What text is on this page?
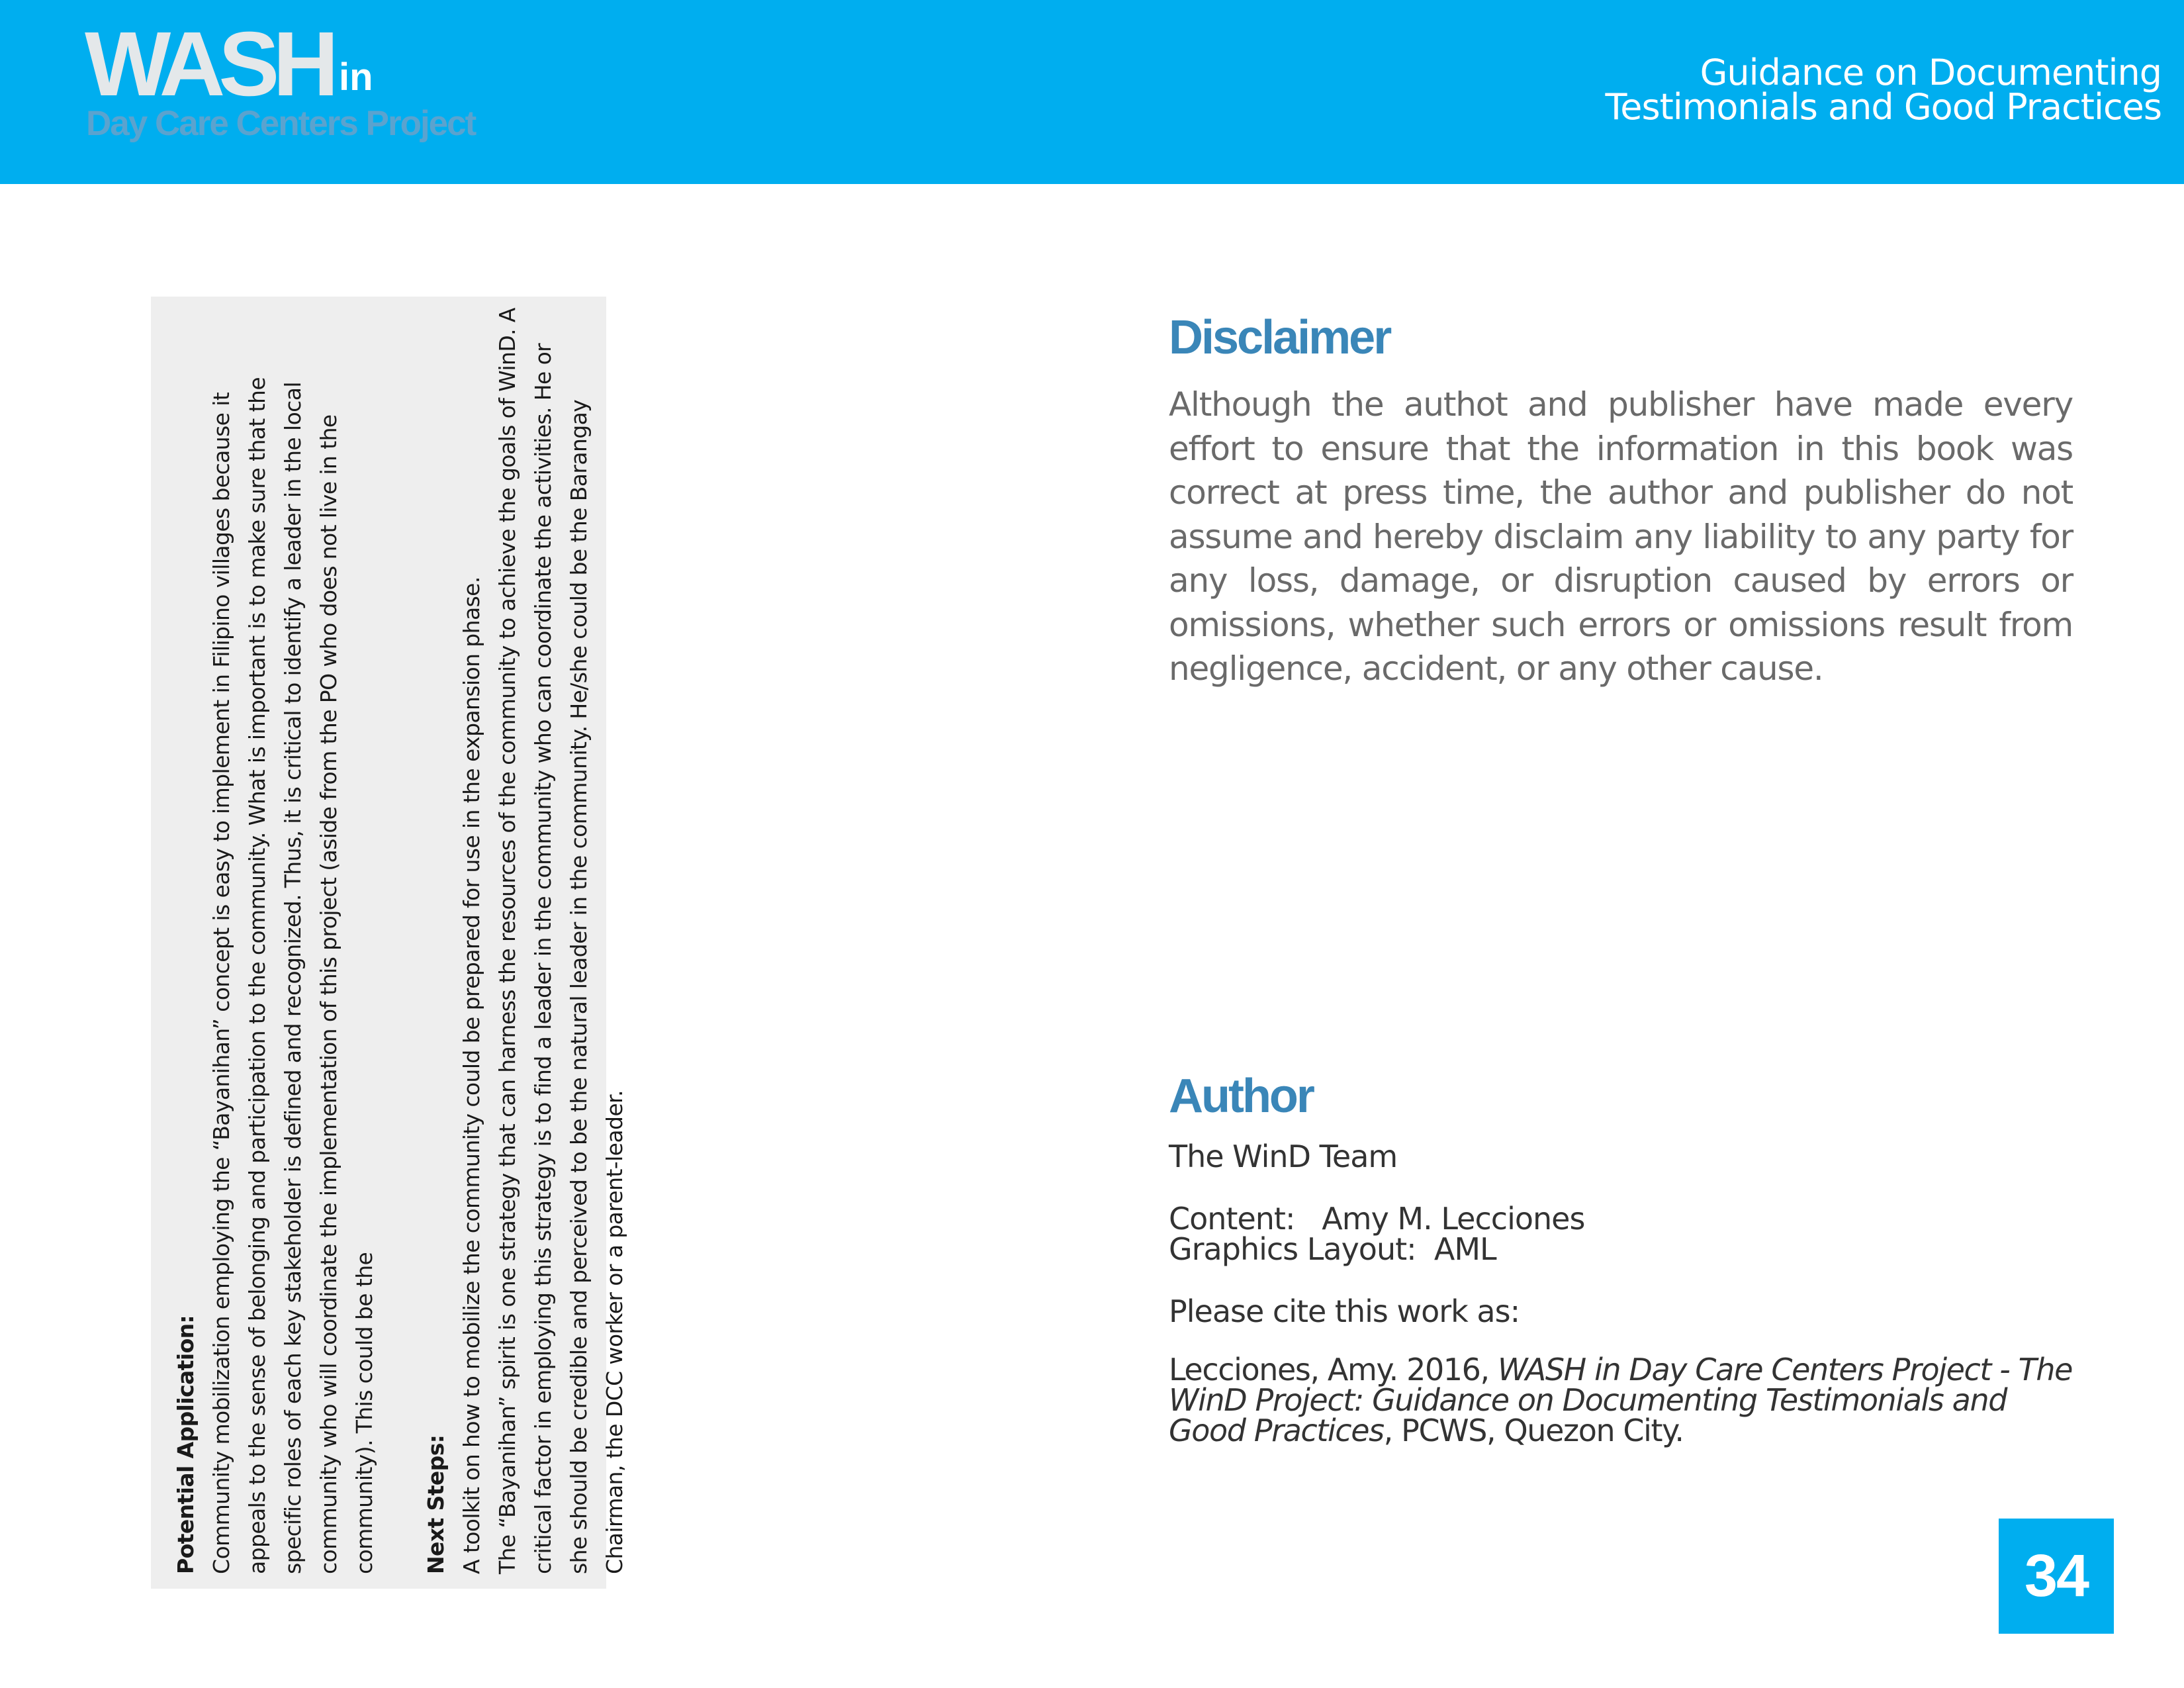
WASH in
Day Care Centers Project
Guidance on Documenting
Testimonials and Good Practices
Potential Application: Community mobilization employing the “Bayanihan” concept is easy to implement in Filipino villages because it appeals to the sense of belonging and participation to the community. What is important is to make sure that the specific roles of each key stakeholder is defined and recognized. Thus, it is critical to identify a leader in the local community who will coordinate the implementation of this project (aside from the PO who does not live in the community). This could be the Next Steps: A toolkit on how to mobilize the community could be prepared for use in the expansion phase. The “Bayanihan” spirit is one strategy that can harness the resources of the community to achieve the goals of WinD. A critical factor in employing this strategy is to find a leader in the community who can coordinate the activities. He or she should be credible and perceived to be the natural leader in the community. He/she could be the Barangay Chairman, the DCC worker or a parent-leader.
Disclaimer
Although the authot and publisher have made every effort to ensure that the information in this book was correct at press time, the author and publisher do not assume and hereby disclaim any liability to any party for any loss, damage, or disruption caused by errors or omissions, whether such errors or omissions result from negligence, accident, or any other cause.
Author
The WinD Team
Content:   Amy M. Lecciones
Graphics Layout:  AML
Please cite this work as:
Lecciones, Amy. 2016, WASH in Day Care Centers Project - The WinD Project: Guidance on Documenting Testimonials and Good Practices, PCWS, Quezon City.
34
